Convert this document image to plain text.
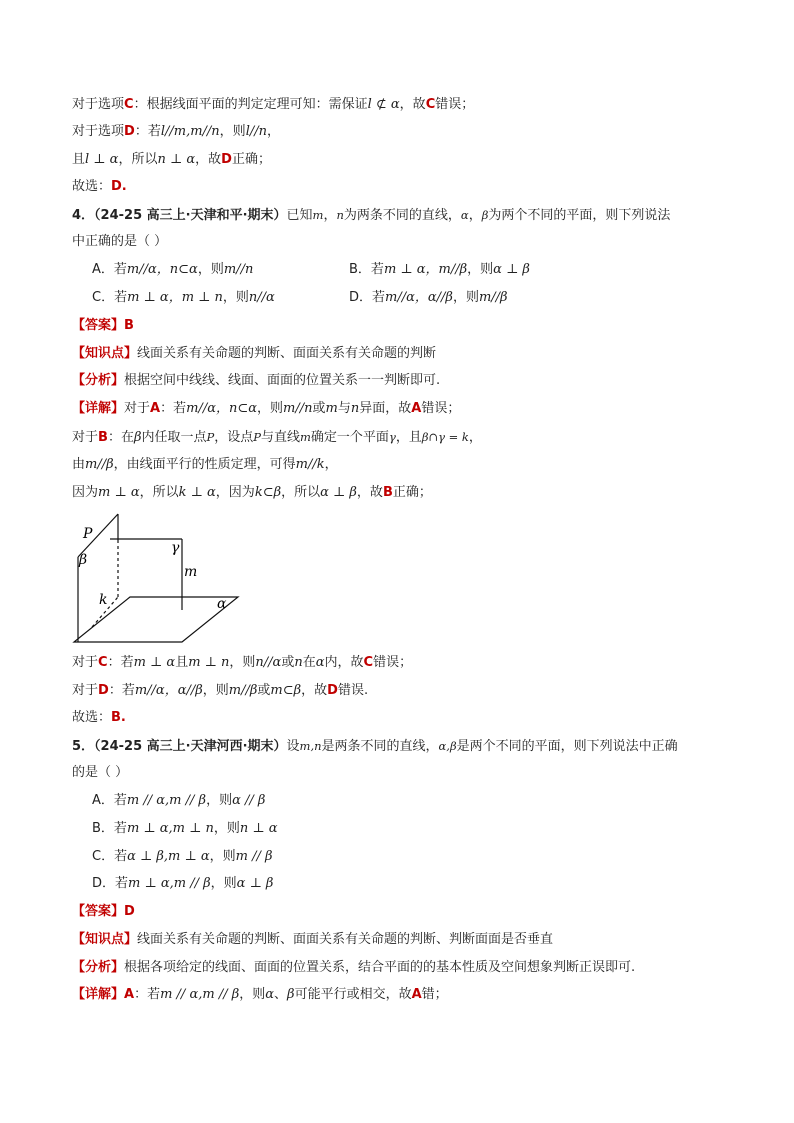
对于选项C：根据线面平面的判定定理可知：需保证l ⊄ α，故C错误；
对于选项D：若l//m,m//n，则l//n，
且l ⊥ α，所以n ⊥ α，故D正确；
故选：D.
4．（24-25 高三上·天津和平·期末）已知m，n为两条不同的直线，α，β为两个不同的平面，则下列说法
中正确的是（ ）
A．若m//α，n⊂α，则m//n	B．若m ⊥ α，m//β，则α ⊥ β
C．若m ⊥ α，m ⊥ n，则n//α	D．若m//α，α//β，则m//β
【答案】B
【知识点】线面关系有关命题的判断、面面关系有关命题的判断
【分析】根据空间中线线、线面、面面的位置关系一一判断即可.
【详解】对于A：若m//α，n⊂α，则m//n或m与n异面，故A错误；
对于B：在β内任取一点P，设点P与直线m确定一个平面γ，且β∩γ = k，
由m//β，由线面平行的性质定理，可得m//k，
因为m ⊥ α，所以k ⊥ α，因为k⊂β，所以α ⊥ β，故B正确；
P
β
γ
m
k	α
对于C：若m ⊥ α且m ⊥ n，则n//α或n在α内，故C错误；
对于D：若m//α，α//β，则m//β或m⊂β，故D错误.
故选：B.
5．（24-25 高三上·天津河西·期末）设m,n是两条不同的直线，α,β是两个不同的平面，则下列说法中正确
的是（ ）
A．若m // α,m // β，则α // β
B．若m ⊥ α,m ⊥ n，则n ⊥ α
C．若α ⊥ β,m ⊥ α，则m // β
D．若m ⊥ α,m // β，则α ⊥ β
【答案】D
【知识点】线面关系有关命题的判断、面面关系有关命题的判断、判断面面是否垂直
【分析】根据各项给定的线面、面面的位置关系，结合平面的的基本性质及空间想象判断正误即可.
【详解】A：若m // α,m // β，则α、β可能平行或相交，故A错；
